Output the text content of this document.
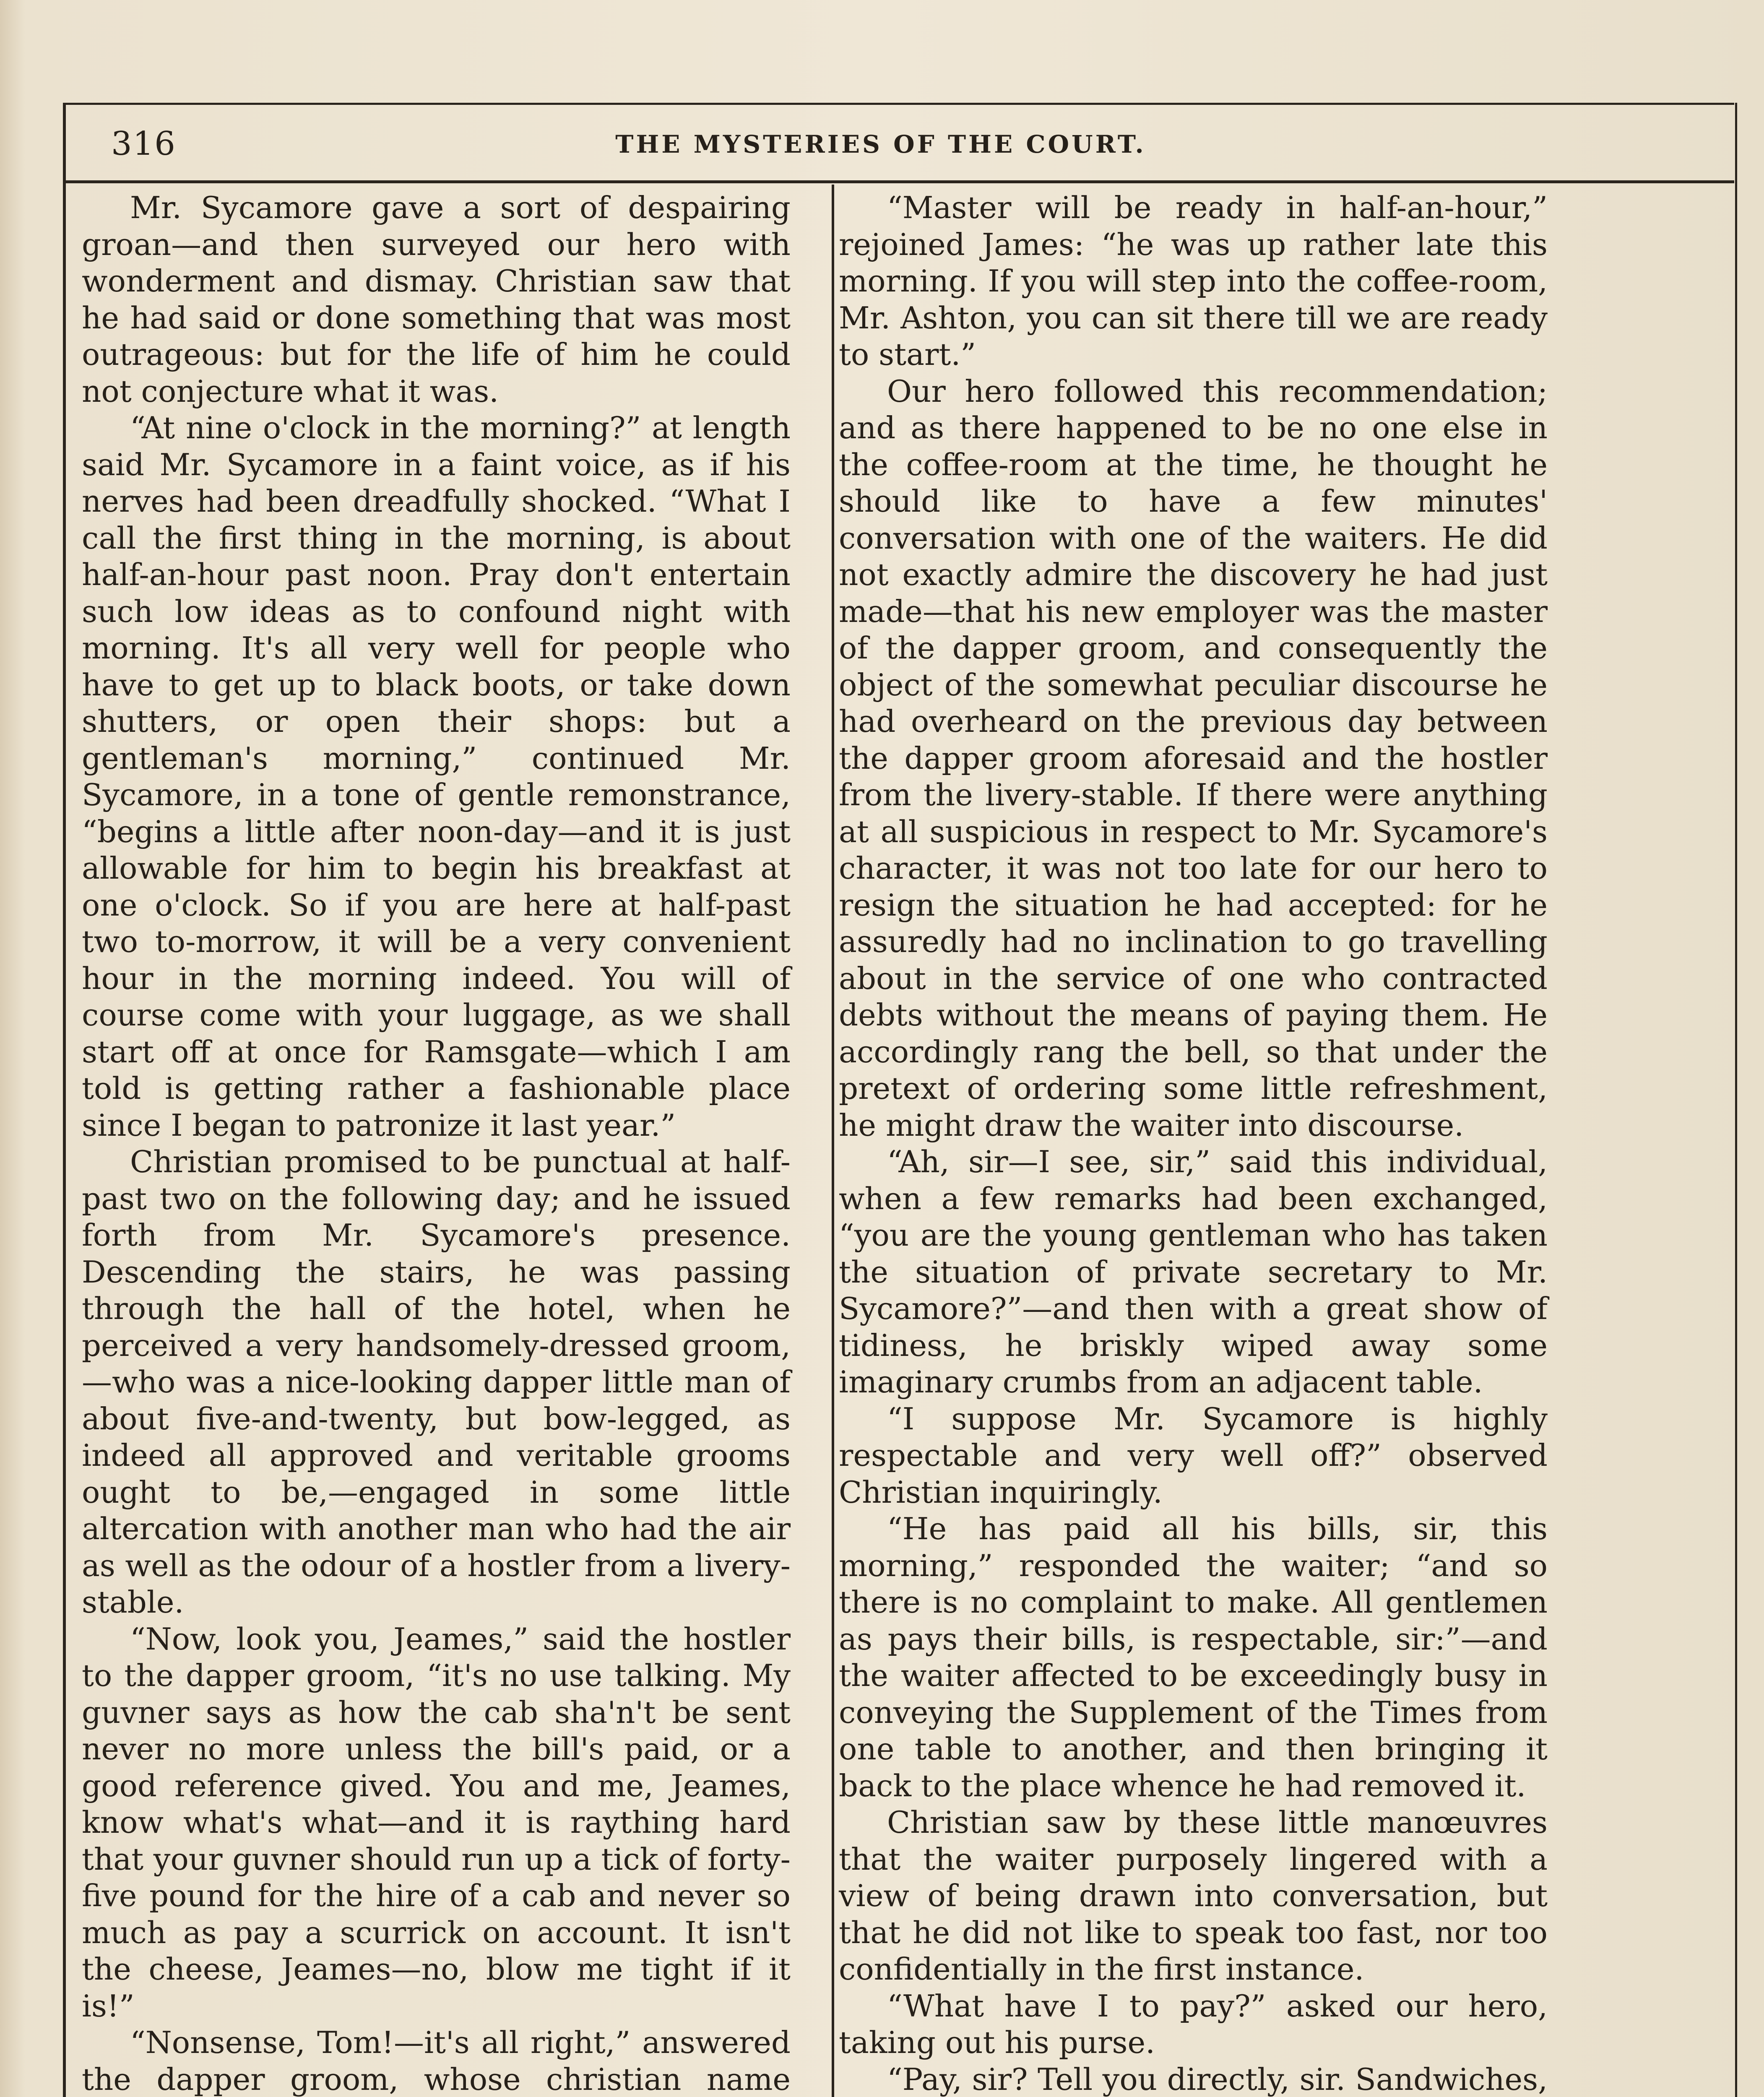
316	THE MYSTERIES OF THE COURT.

Mr. Sycamore gave a sort of despairing groan—and then surveyed our hero with wonderment and dismay. Christian saw that he had said or done something that was most outrageous: but for the life of him he could not conjecture what it was.

“At nine o'clock in the morning?” at length said Mr. Sycamore in a faint voice, as if his nerves had been dreadfully shocked. “What I call the first thing in the morning, is about half-an-hour past noon. Pray don't entertain such low ideas as to confound night with morning. It's all very well for people who have to get up to black boots, or take down shutters, or open their shops: but a gentleman's morning,” continued Mr. Sycamore, in a tone of gentle remonstrance, “begins a little after noon-day—and it is just allowable for him to begin his breakfast at one o'clock. So if you are here at half-past two to-morrow, it will be a very convenient hour in the morning indeed. You will of course come with your luggage, as we shall start off at once for Ramsgate—which I am told is getting rather a fashionable place since I began to patronize it last year.”

Christian promised to be punctual at half-past two on the following day; and he issued forth from Mr. Sycamore's presence. Descending the stairs, he was passing through the hall of the hotel, when he perceived a very handsomely-dressed groom,—who was a nice-looking dapper little man of about five-and-twenty, but bow-legged, as indeed all approved and veritable grooms ought to be,—engaged in some little altercation with another man who had the air as well as the odour of a hostler from a livery-stable.

“Now, look you, Jeames,” said the hostler to the dapper groom, “it's no use talking. My guvner says as how the cab sha'n't be sent never no more unless the bill's paid, or a good reference gived. You and me, Jeames, know what's what—and it is raything hard that your guvner should run up a tick of forty-five pound for the hire of a cab and never so much as pay a scurrick on account. It isn't the cheese, Jeames—no, blow me tight if it is!”

“Nonsense, Tom!—it's all right,” answered the dapper groom, whose christian name

“Master will be ready in half-an-hour,” rejoined James: “he was up rather late this morning. If you will step into the coffee-room, Mr. Ashton, you can sit there till we are ready to start.”

Our hero followed this recommendation; and as there happened to be no one else in the coffee-room at the time, he thought he should like to have a few minutes' conversation with one of the waiters. He did not exactly admire the discovery he had just made—that his new employer was the master of the dapper groom, and consequently the object of the somewhat peculiar discourse he had overheard on the previous day between the dapper groom aforesaid and the hostler from the livery-stable. If there were anything at all suspicious in respect to Mr. Sycamore's character, it was not too late for our hero to resign the situation he had accepted: for he assuredly had no inclination to go travelling about in the service of one who contracted debts without the means of paying them. He accordingly rang the bell, so that under the pretext of ordering some little refreshment, he might draw the waiter into discourse.

“Ah, sir—I see, sir,” said this individual, when a few remarks had been exchanged, “you are the young gentleman who has taken the situation of private secretary to Mr. Sycamore?”—and then with a great show of tidiness, he briskly wiped away some imaginary crumbs from an adjacent table.

“I suppose Mr. Sycamore is highly respectable and very well off?” observed Christian inquiringly.

“He has paid all his bills, sir, this morning,” responded the waiter; “and so there is no complaint to make. All gentlemen as pays their bills, is respectable, sir:”—and the waiter affected to be exceedingly busy in conveying the Supplement of the Times from one table to another, and then bringing it back to the place whence he had removed it.

Christian saw by these little manœuvres that the waiter purposely lingered with a view of being drawn into conversation, but that he did not like to speak too fast, nor too confidentially in the first instance.

“What have I to pay?” asked our hero, taking out his purse.

“Pay, sir? Tell you directly, sir. Sandwiches,
